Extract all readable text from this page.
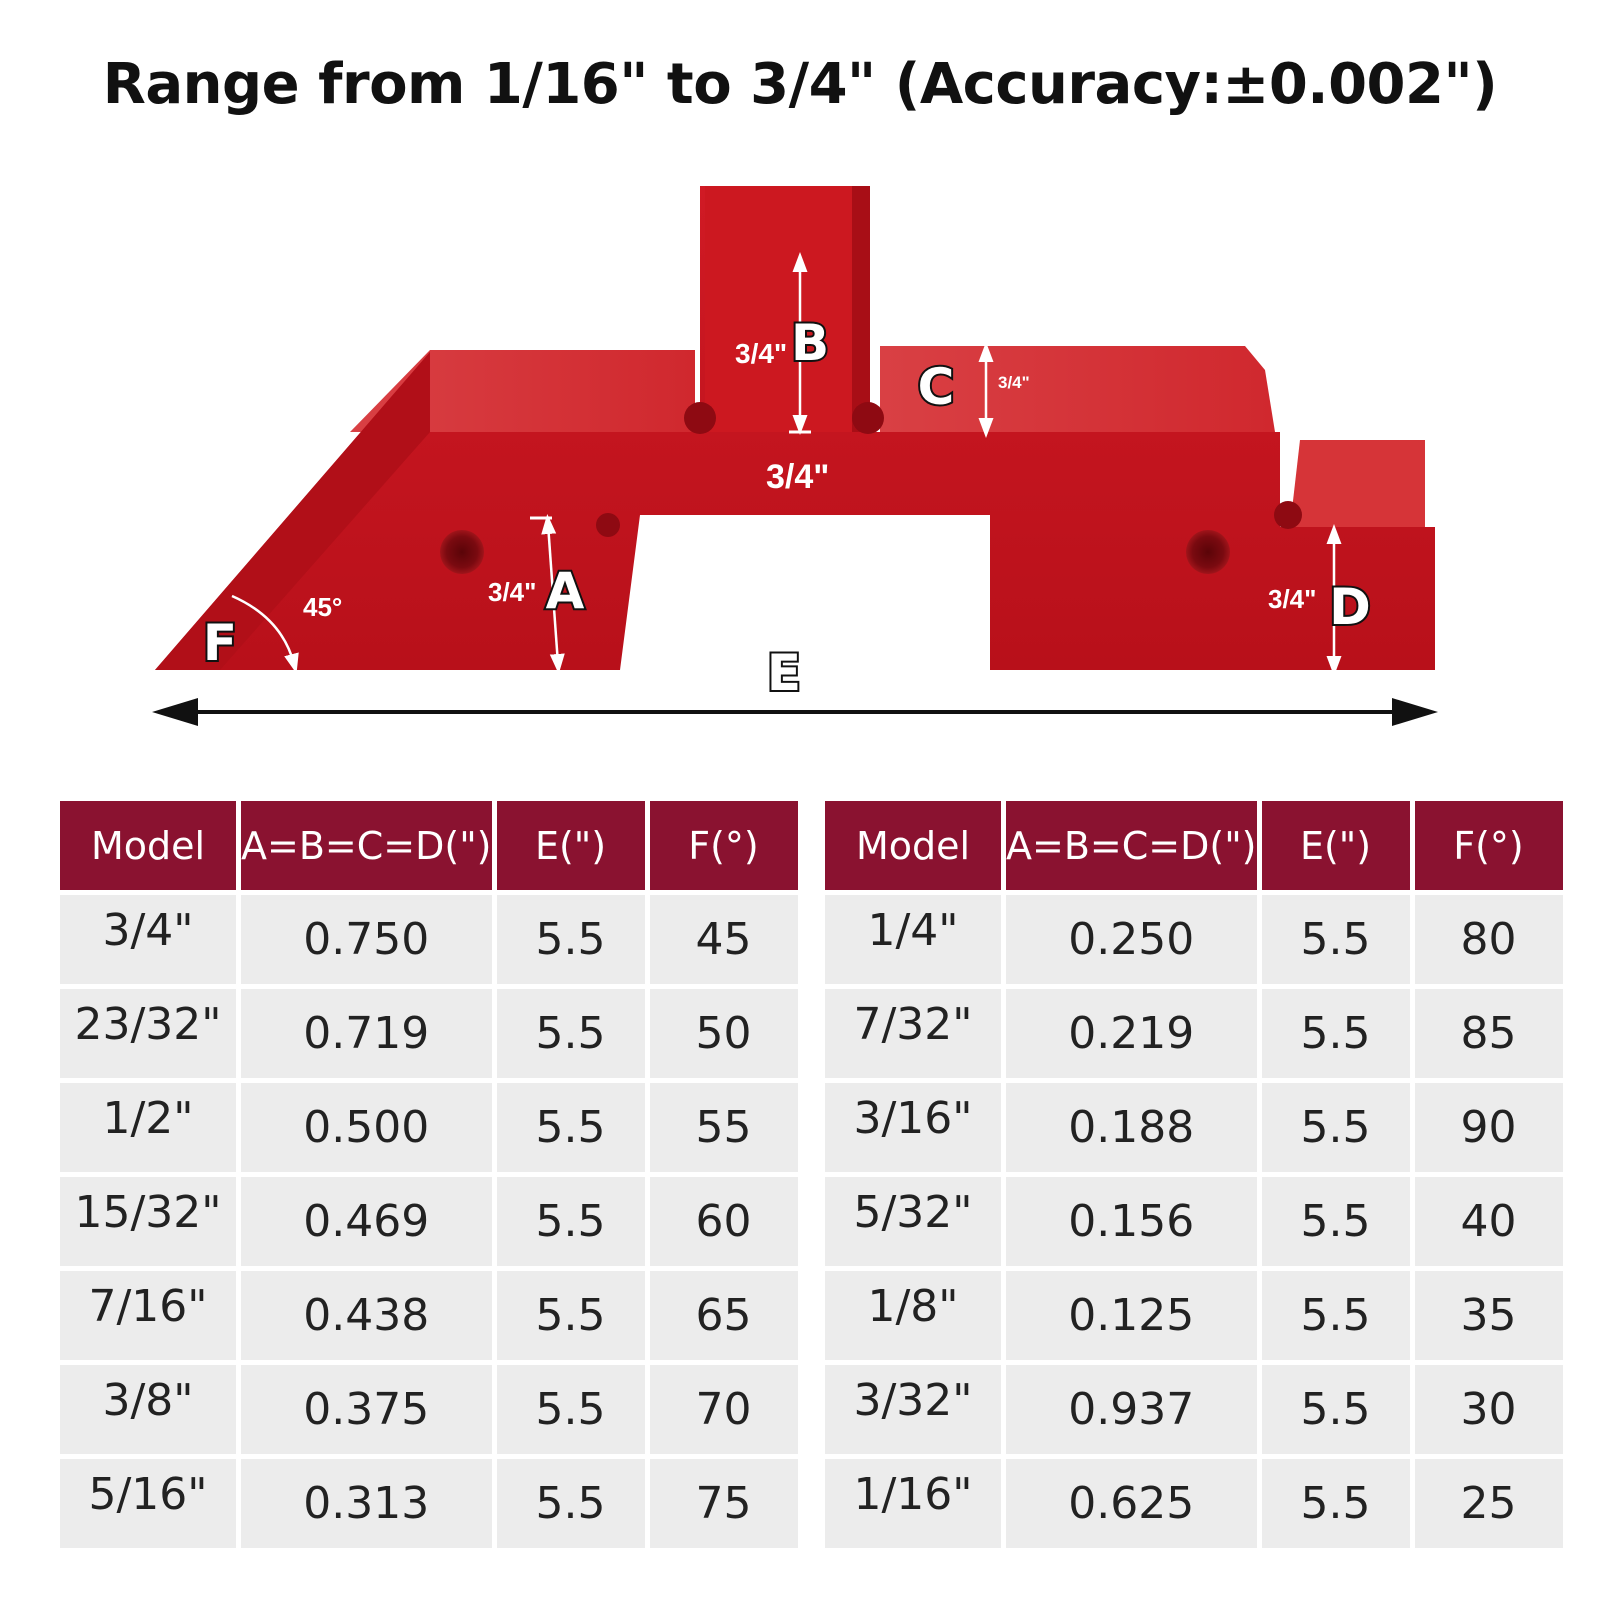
Range from 1/16" to 3/4" (Accuracy:±0.002")
3/4"
3/4"
3/4"
3/4"	3/4"
45°
B
C
A	D
F
E
Model	A=B=C=D(")	E(")	F(°)
3/4"	0.750	5.5	45
23/32"	0.719	5.5	50
1/2"	0.500	5.5	55
15/32"	0.469	5.5	60
7/16"	0.438	5.5	65
3/8"	0.375	5.5	70
5/16"	0.313	5.5	75
Model	A=B=C=D(")	E(")	F(°)
1/4"	0.250	5.5	80
7/32"	0.219	5.5	85
3/16"	0.188	5.5	90
5/32"	0.156	5.5	40
1/8"	0.125	5.5	35
3/32"	0.937	5.5	30
1/16"	0.625	5.5	25
